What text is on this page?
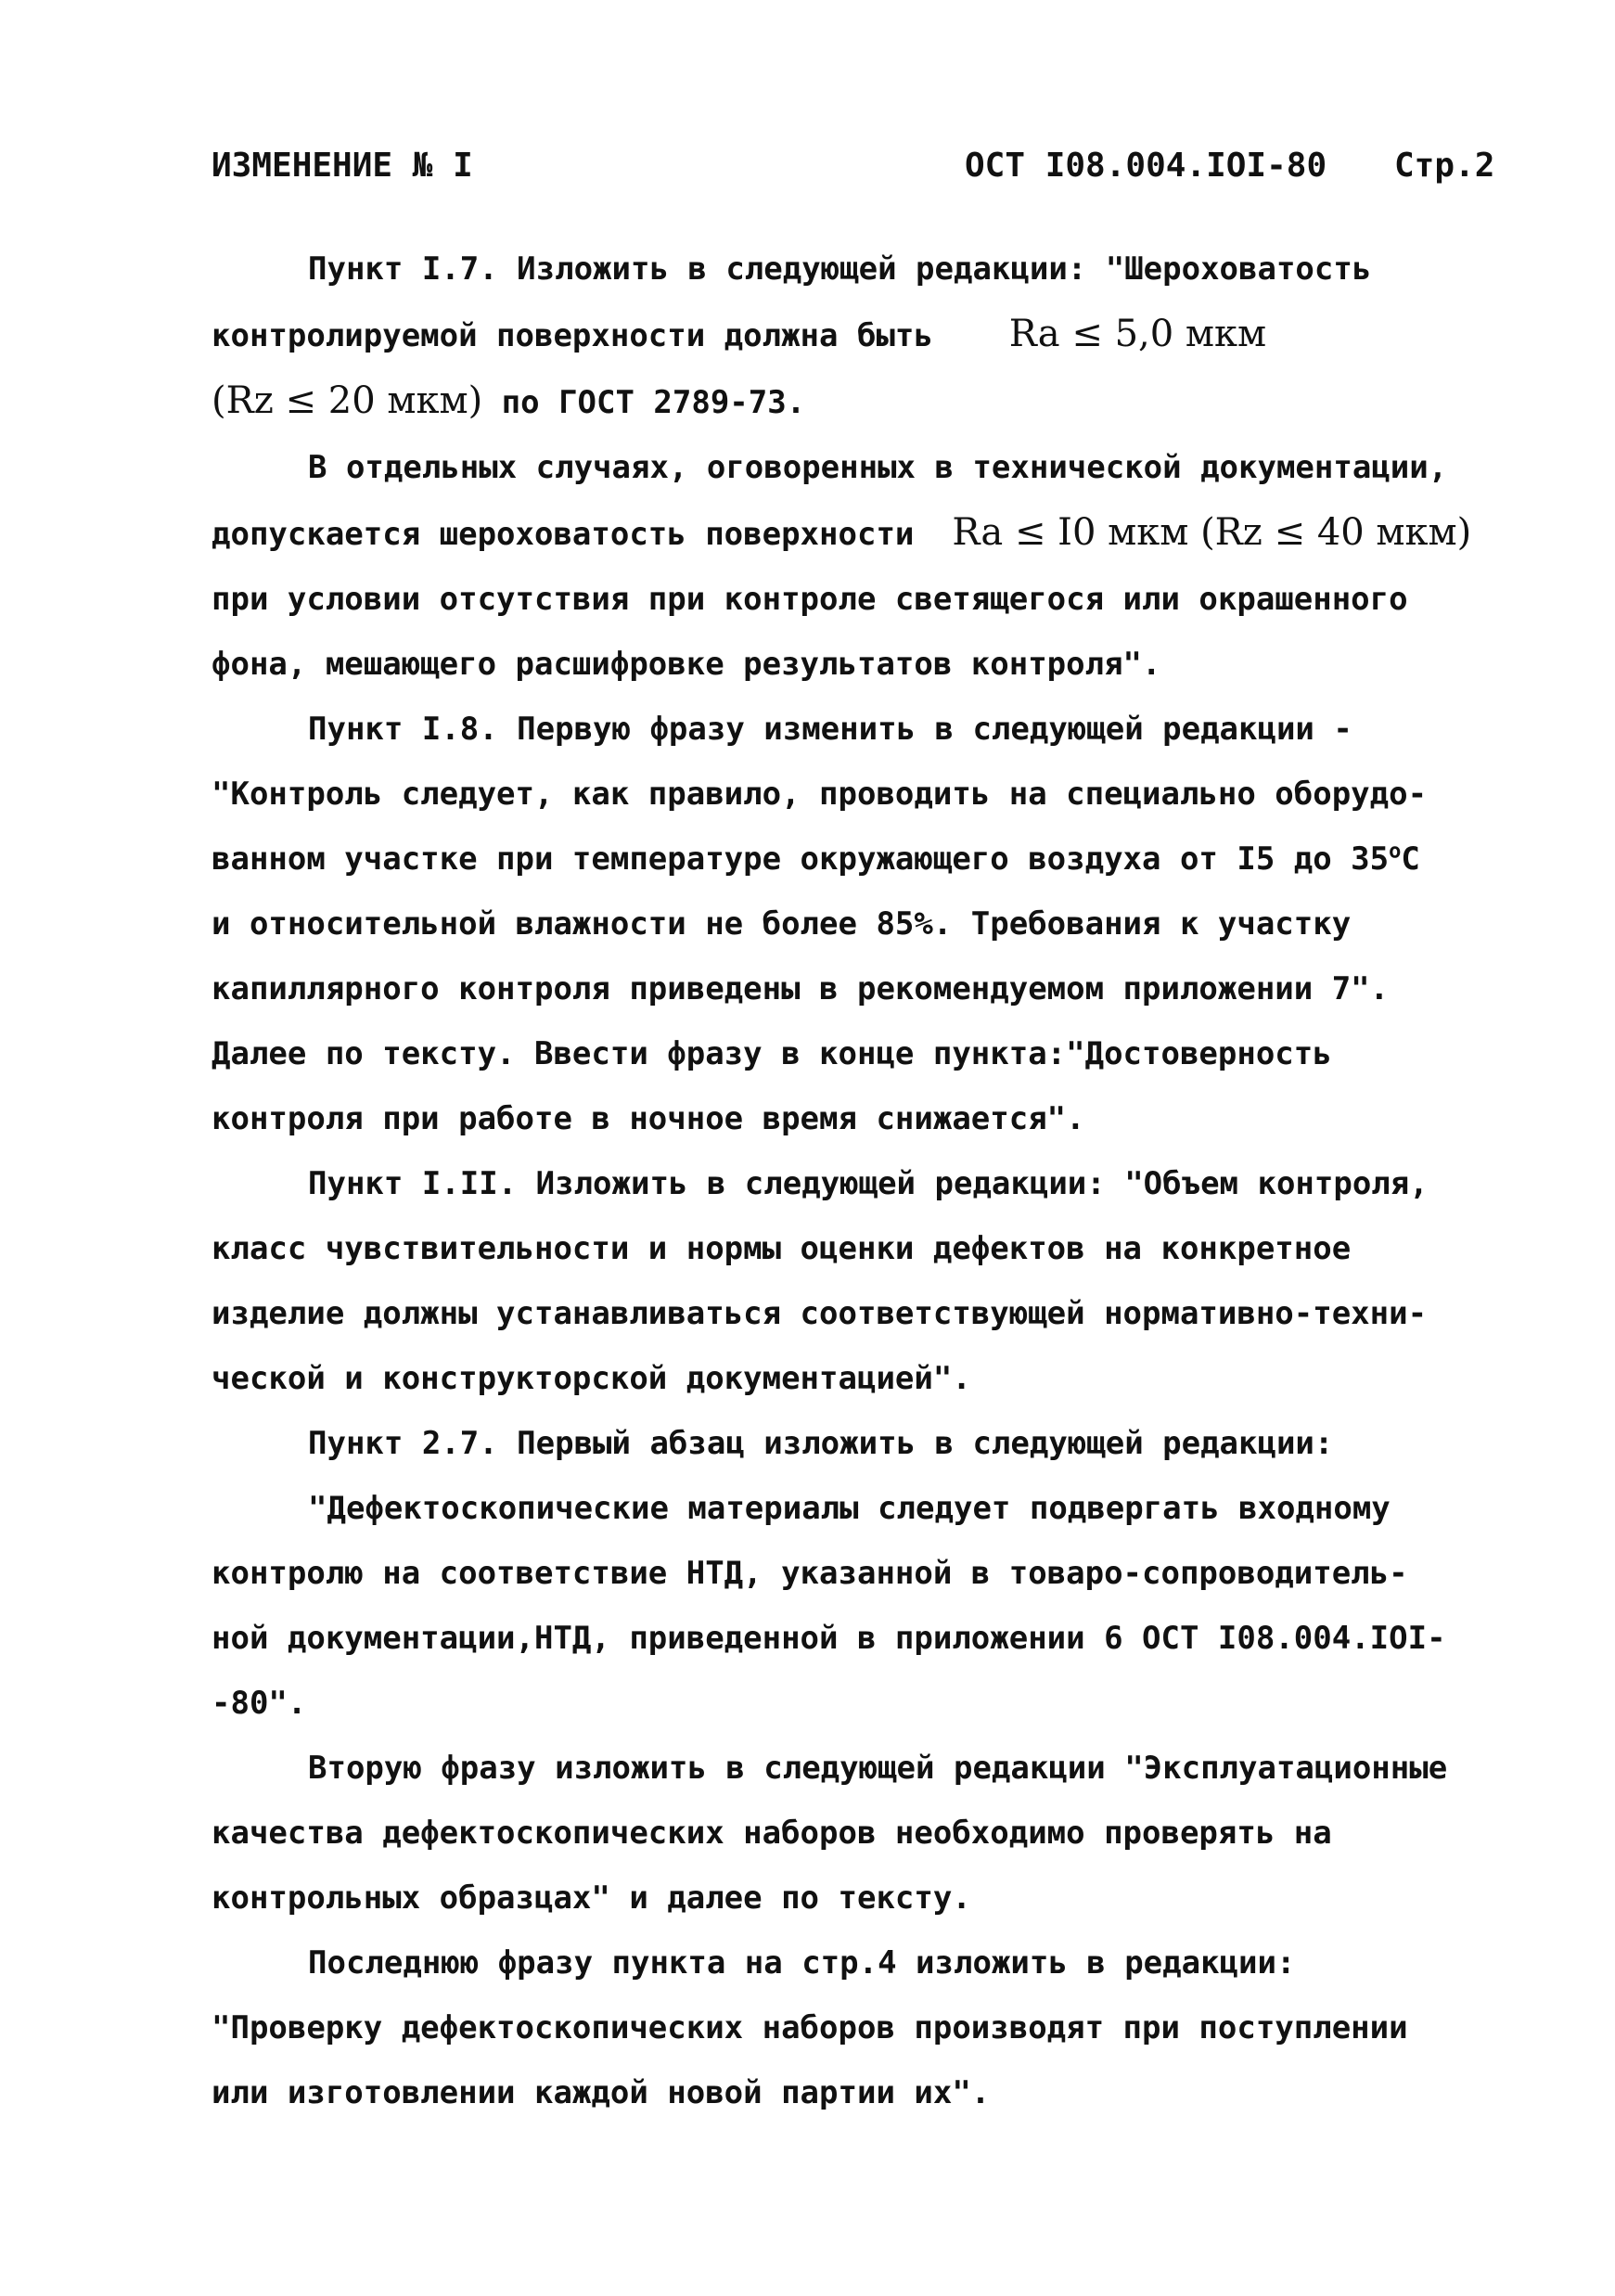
ИЗМЕНЕНИЕ № I	ОСТ I08.004.IOI-80 Стр.2
Пункт I.7. Изложить в следующей редакции: "Шероховатость
контролируемой поверхности должна быть Ra ≤ 5,0 мкм
(Rz ≤ 20 мкм) по ГОСТ 2789-73.
В отдельных случаях, оговоренных в технической документации,
допускается шероховатость поверхности Ra ≤ I0 мкм (Rz ≤ 40 мкм)
при условии отсутствия при контроле светящегося или окрашенного
фона, мешающего расшифровке результатов контроля".
Пункт I.8. Первую фразу изменить в следующей редакции -
"Контроль следует, как правило, проводить на специально оборудо-
ванном участке при температуре окружающего воздуха от I5 до $35^оС$
и относительной влажности не более 85%. Требования к участку
капиллярного контроля приведены в рекомендуемом приложении 7".
Далее по тексту. Ввести фразу в конце пункта:"Достоверность
контроля при работе в ночное время снижается".
Пункт I.II. Изложить в следующей редакции: "Объем контроля,
класс чувствительности и нормы оценки дефектов на конкретное
изделие должны устанавливаться соответствующей нормативно-техни-
ческой и конструкторской документацией".
Пункт 2.7. Первый абзац изложить в следующей редакции:
"Дефектоскопические материалы следует подвергать входному
контролю на соответствие НТД, указанной в товаро-сопроводитель-
ной документации,НТД, приведенной в приложении 6 ОСТ I08.004.IOI-
-80".
Вторую фразу изложить в следующей редакции "Эксплуатационные
качества дефектоскопических наборов необходимо проверять на
контрольных образцах" и далее по тексту.
Последнюю фразу пункта на стр.4 изложить в редакции:
"Проверку дефектоскопических наборов производят при поступлении
или изготовлении каждой новой партии их".
